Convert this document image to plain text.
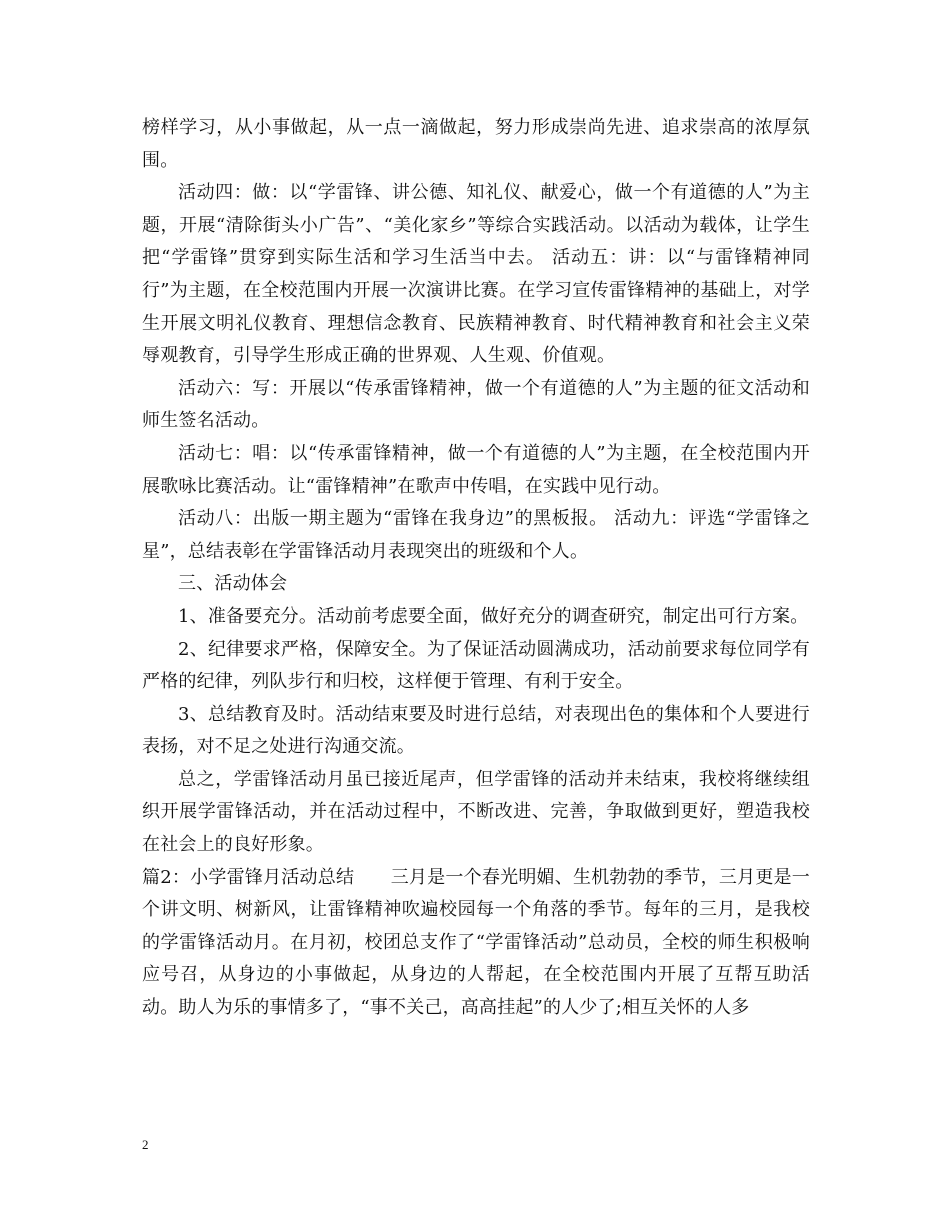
榜样学习，从小事做起，从一点一滴做起，努力形成崇尚先进、追求崇高的浓厚氛围。

活动四：做：以“学雷锋、讲公德、知礼仪、献爱心，做一个有道德的人”为主题，开展“清除街头小广告”、“美化家乡”等综合实践活动。以活动为载体，让学生把“学雷锋”贯穿到实际生活和学习生活当中去。 活动五：讲：以“与雷锋精神同行”为主题，在全校范围内开展一次演讲比赛。在学习宣传雷锋精神的基础上，对学生开展文明礼仪教育、理想信念教育、民族精神教育、时代精神教育和社会主义荣辱观教育，引导学生形成正确的世界观、人生观、价值观。

活动六：写：开展以“传承雷锋精神，做一个有道德的人”为主题的征文活动和师生签名活动。

活动七：唱：以“传承雷锋精神，做一个有道德的人”为主题，在全校范围内开展歌咏比赛活动。让“雷锋精神”在歌声中传唱，在实践中见行动。

活动八：出版一期主题为“雷锋在我身边”的黑板报。 活动九：评选“学雷锋之星”，总结表彰在学雷锋活动月表现突出的班级和个人。

三、活动体会

1、准备要充分。活动前考虑要全面，做好充分的调查研究，制定出可行方案。

2、纪律要求严格，保障安全。为了保证活动圆满成功，活动前要求每位同学有严格的纪律，列队步行和归校，这样便于管理、有利于安全。

3、总结教育及时。活动结束要及时进行总结，对表现出色的集体和个人要进行表扬，对不足之处进行沟通交流。

总之，学雷锋活动月虽已接近尾声，但学雷锋的活动并未结束，我校将继续组织开展学雷锋活动，并在活动过程中，不断改进、完善，争取做到更好，塑造我校在社会上的良好形象。

篇2：小学雷锋月活动总结　　三月是一个春光明媚、生机勃勃的季节，三月更是一个讲文明、树新风，让雷锋精神吹遍校园每一个角落的季节。每年的三月，是我校的学雷锋活动月。在月初，校团总支作了“学雷锋活动”总动员，全校的师生积极响应号召，从身边的小事做起，从身边的人帮起，在全校范围内开展了互帮互助活动。助人为乐的事情多了，“事不关己，高高挂起”的人少了;相互关怀的人多

2
